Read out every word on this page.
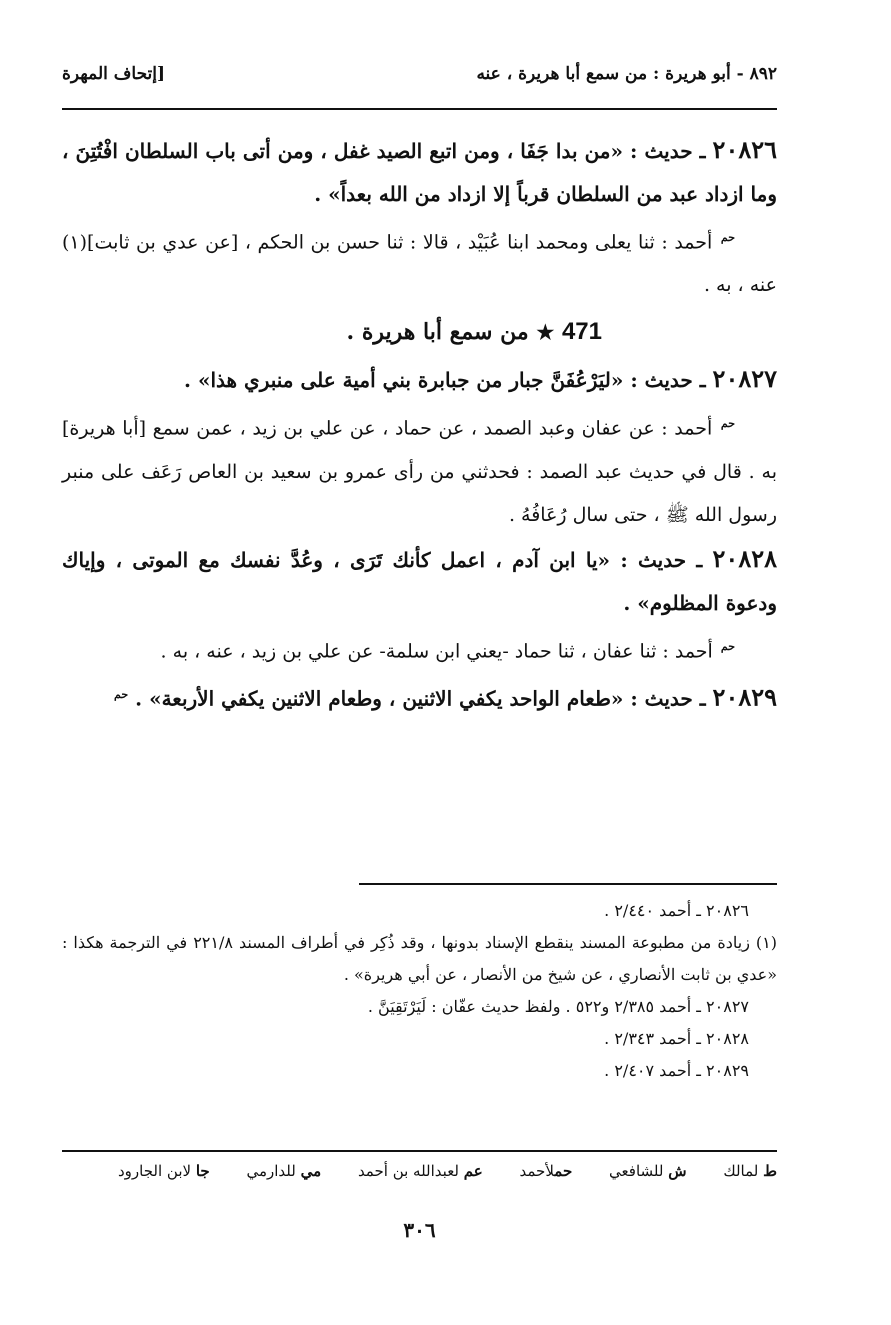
٨٩٢ - أبو هريرة : من سمع أبا هريرة ، عنه
[إتحاف المهرة

٢٠٨٢٦ ـ حديث : «من بدا جَفَا ، ومن اتبع الصيد غفل ، ومن أتى باب السلطان افْتُتِنَ ، وما ازداد عبد من السلطان قرباً إلا ازداد من الله بعداً» .

$^{حم}$ أحمد : ثنا يعلى ومحمد ابنا عُبَيْد ، قالا : ثنا حسن بن الحكم ، [عن عدي بن ثابت](١) عنه ، به .

471 ★ من سمع أبا هريرة .

٢٠٨٢٧ ـ حديث : «ليَرْعُفَنَّ جبار من جبابرة بني أمية على منبري هذا» .

$^{حم}$ أحمد : عن عفان وعبد الصمد ، عن حماد ، عن علي بن زيد ، عمن سمع [أبا هريرة] به . قال في حديث عبد الصمد : فحدثني من رأى عمرو بن سعيد بن العاص رَعَف على منبر رسول الله ﷺ ، حتى سال رُعَافُهُ .

٢٠٨٢٨ ـ حديث : «يا ابن آدم ، اعمل كأنك تَرَى ، وعُدَّ نفسك مع الموتى ، وإياك ودعوة المظلوم» .

$^{حم}$ أحمد : ثنا عفان ، ثنا حماد -يعني ابن سلمة- عن علي بن زيد ، عنه ، به .

٢٠٨٢٩ ـ حديث : «طعام الواحد يكفي الاثنين ، وطعام الاثنين يكفي الأربعة» . $^{حم}$

٢٠٨٢٦ ـ أحمد ٢/٤٤٠ .

(١) زيادة من مطبوعة المسند ينقطع الإسناد بدونها ، وقد ذُكِر في أطراف المسند ٢٢١/٨ في الترجمة هكذا : «عدي بن ثابت الأنصاري ، عن شيخ من الأنصار ، عن أبي هريرة» .

٢٠٨٢٧ ـ أحمد ٢/٣٨٥ و٥٢٢ . ولفظ حديث عفّان : لَيَرْتَقِيَنَّ .

٢٠٨٢٨ ـ أحمد ٢/٣٤٣ .

٢٠٨٢٩ ـ أحمد ٢/٤٠٧ .

ط لمالك ش للشافعي حملأحمد عم لعبدالله بن أحمد مي للدارمي جا لابن الجارود
٣٠٦
